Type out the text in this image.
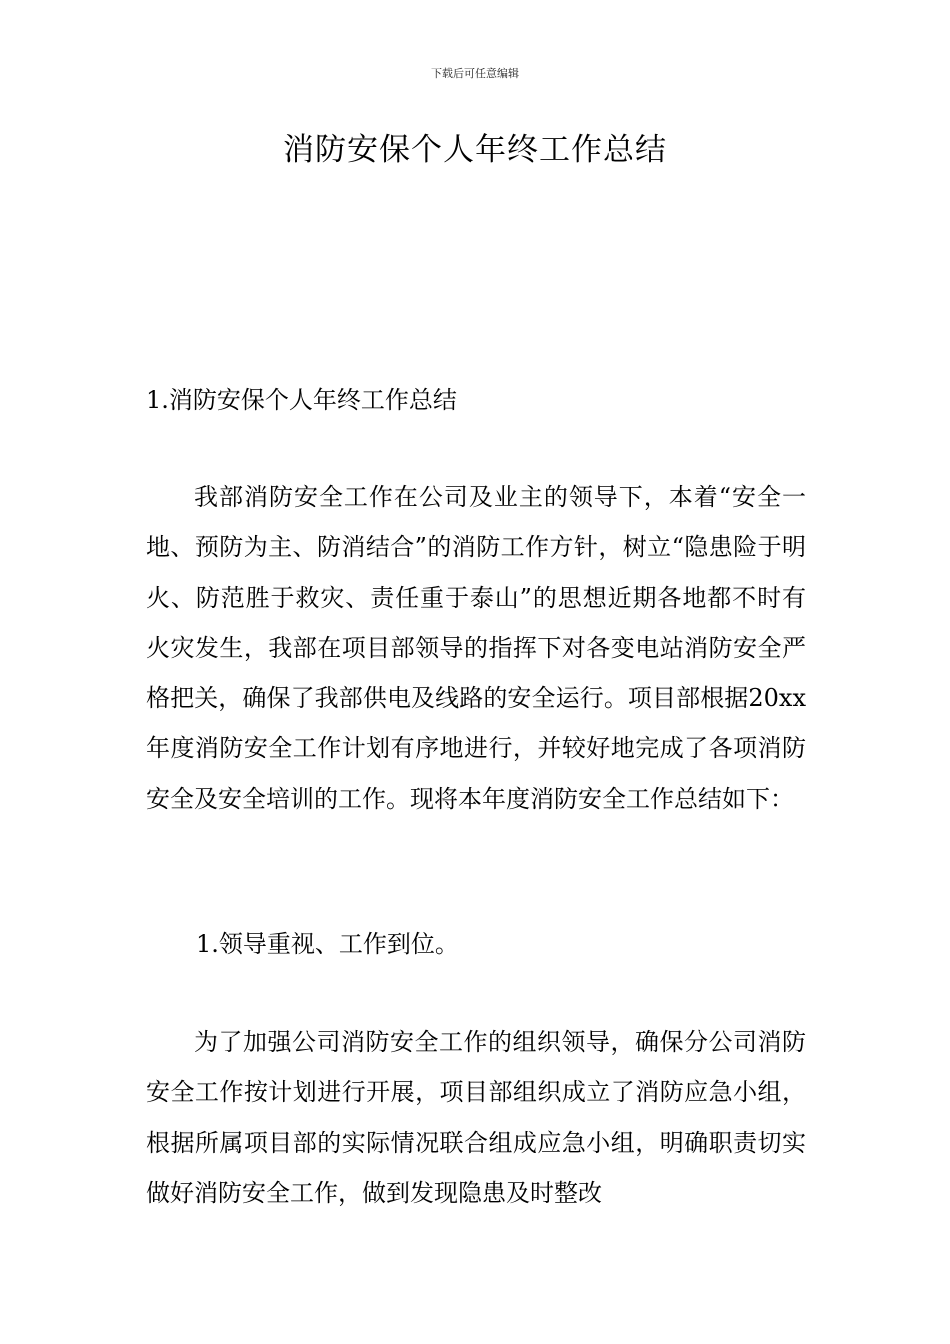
下载后可任意编辑
消防安保个人年终工作总结

1.消防安保个人年终工作总结

我部消防安全工作在公司及业主的领导下，本着“安全一地、预防为主、防消结合”的消防工作方针，树立“隐患险于明火、防范胜于救灾、责任重于泰山”的思想近期各地都不时有火灾发生，我部在项目部领导的指挥下对各变电站消防安全严格把关，确保了我部供电及线路的安全运行。项目部根据20xx年度消防安全工作计划有序地进行，并较好地完成了各项消防安全及安全培训的工作。现将本年度消防安全工作总结如下：

1.领导重视、工作到位。

为了加强公司消防安全工作的组织领导，确保分公司消防安全工作按计划进行开展，项目部组织成立了消防应急小组，根据所属项目部的实际情况联合组成应急小组，明确职责切实做好消防安全工作，做到发现隐患及时整改
